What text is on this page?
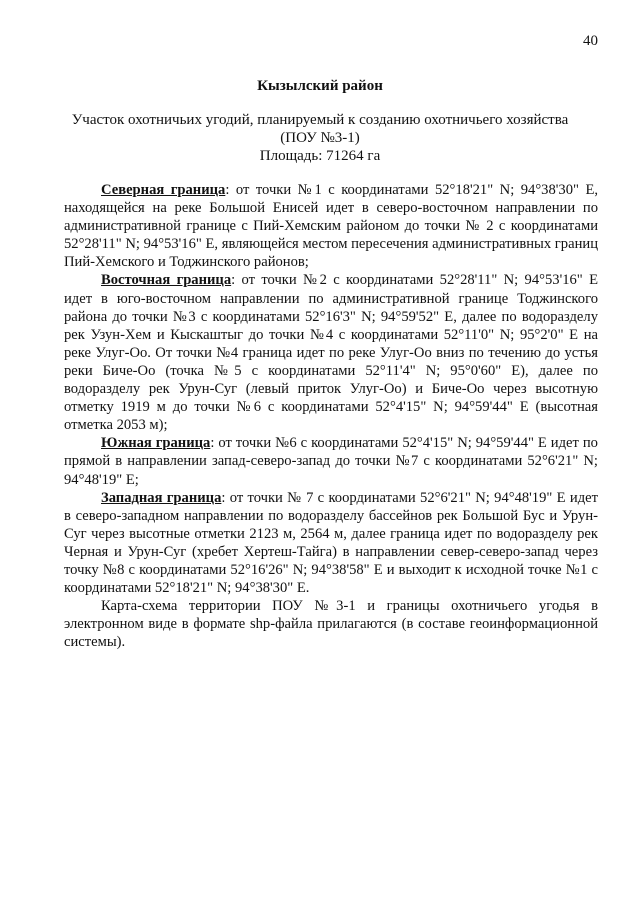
40
Кызылский район
Участок охотничьих угодий, планируемый к созданию охотничьего хозяйства
(ПОУ №3-1)
Площадь: 71264 га

Северная граница: от точки №1 с координатами 52°18'21" N; 94°38'30" E, находящейся на реке Большой Енисей идет в северо-восточном направлении по административной границе с Пий-Хемским районом до точки № 2 с координатами 52°28'11" N; 94°53'16" E, являющейся местом пересечения административных границ Пий-Хемского и Тоджинского районов;

Восточная граница: от точки №2 с координатами 52°28'11" N; 94°53'16" E идет в юго-восточном направлении по административной границе Тоджинского района до точки №3 с координатами 52°16'3" N; 94°59'52" E, далее по водоразделу рек Узун-Хем и Кыскаштыг до точки №4 с координатами 52°11'0" N; 95°2'0" E на реке Улуг-Оо. От точки №4 граница идет по реке Улуг-Оо вниз по течению до устья реки Биче-Оо (точка №5 с координатами 52°11'4" N; 95°0'60" E), далее по водоразделу рек Урун-Суг (левый приток Улуг-Оо) и Биче-Оо через высотную отметку 1919 м до точки №6 с координатами 52°4'15" N; 94°59'44" E (высотная отметка 2053 м);

Южная граница: от точки №6 с координатами 52°4'15" N; 94°59'44" E идет по прямой в направлении запад-северо-запад до точки №7 с координатами 52°6'21" N; 94°48'19" E;

Западная граница: от точки № 7 с координатами 52°6'21" N; 94°48'19" E идет в северо-западном направлении по водоразделу бассейнов рек Большой Бус и Урун-Суг через высотные отметки 2123 м, 2564 м, далее граница идет по водоразделу рек Черная и Урун-Суг (хребет Хертеш-Тайга) в направлении север-северо-запад через точку №8 с координатами 52°16'26" N; 94°38'58" E и выходит к исходной точке №1 с координатами 52°18'21" N; 94°38'30" E.

Карта-схема территории ПОУ №3-1 и границы охотничьего угодья в электронном виде в формате shp-файла прилагаются (в составе геоинформационной системы).
